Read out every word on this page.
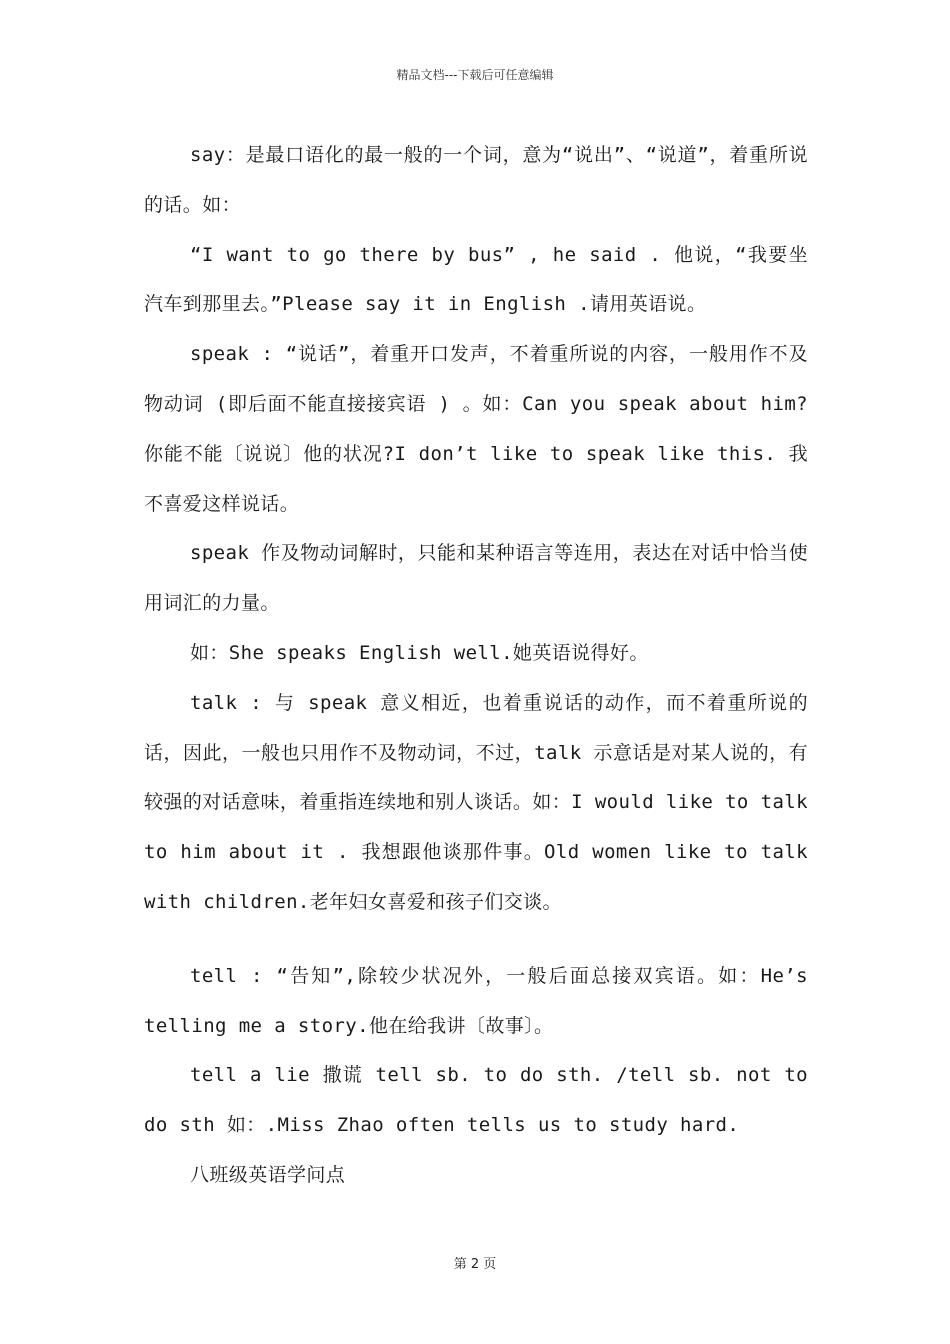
精品文档---下载后可任意编辑

say：是最口语化的最一般的一个词，意为“说出”、“说道”，着重所说的话。如：

“I want to go there by bus” , he said . 他说，“我要坐汽车到那里去。”Please say it in English .请用英语说。

speak : “说话”，着重开口发声，不着重所说的内容，一般用作不及物动词 (即后面不能直接接宾语 ) 。如：Can you speak about him? 你能不能〔说说〕他的状况?I don’t like to speak like this. 我不喜爱这样说话。

speak 作及物动词解时，只能和某种语言等连用，表达在对话中恰当使用词汇的力量。

如：She speaks English well.她英语说得好。

talk : 与 speak 意义相近，也着重说话的动作，而不着重所说的话，因此，一般也只用作不及物动词，不过，talk 示意话是对某人说的，有较强的对话意味，着重指连续地和别人谈话。如：I would like to talk to him about it . 我想跟他谈那件事。Old women like to talk with children.老年妇女喜爱和孩子们交谈。

tell : “告知”,除较少状况外，一般后面总接双宾语。如：He’s telling me a story.他在给我讲〔故事〕。

tell a lie 撒谎 tell sb. to do sth. /tell sb. not to do sth 如：.Miss Zhao often tells us to study hard.

八班级英语学问点

第 2 页
